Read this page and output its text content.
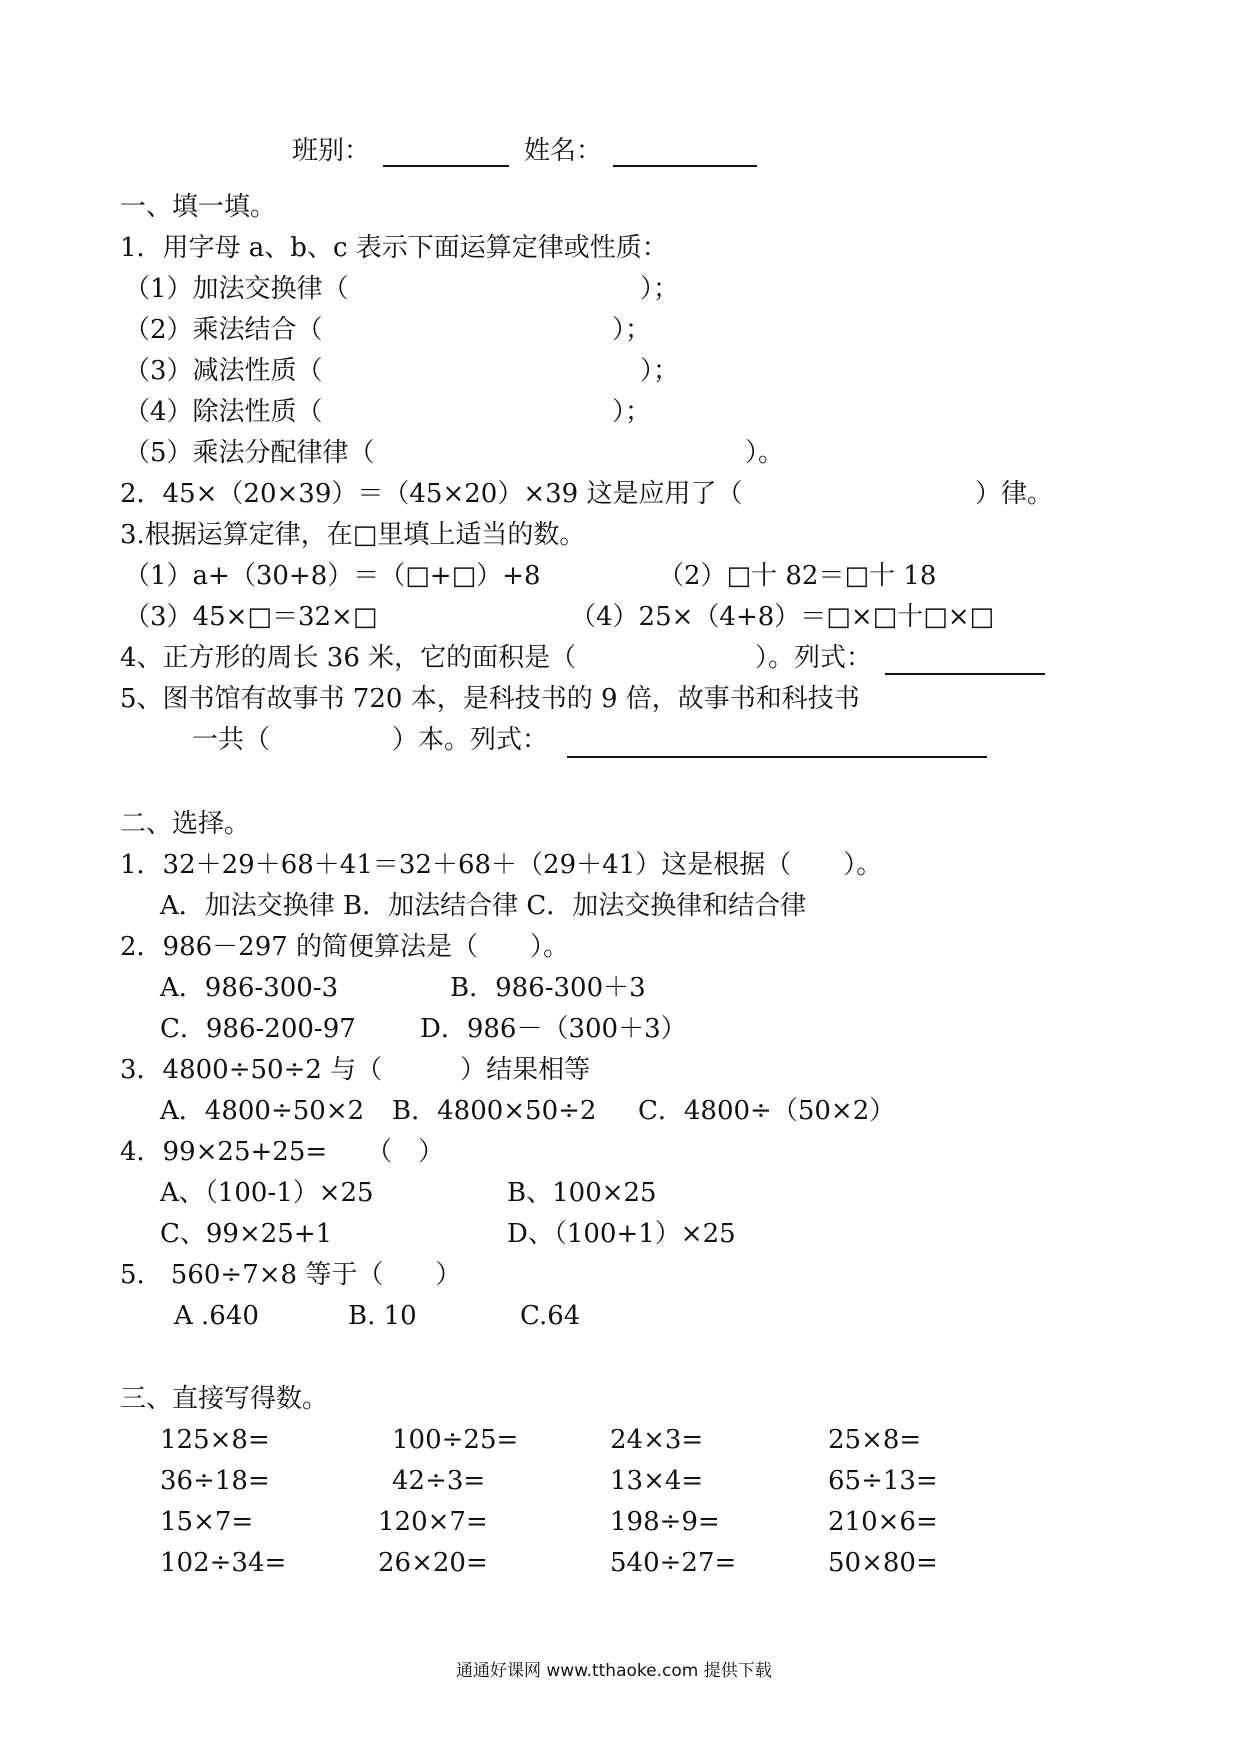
班别：	姓名：
一、填一填。
1．用字母 a、b、c 表示下面运算定律或性质：
（1）加法交换律（	）；
（2）乘法结合（	）；
（3）减法性质（	）；
（4）除法性质（	）；
（5）乘法分配律律（	）。
2．45×（20×39）＝（45×20）×39 这是应用了（	）律。
3.根据运算定律，在□里填上适当的数。
（1）a+（30+8）＝（□+□）+8	（2）□十 82＝□十 18
（3）45×□＝32×□	（4）25×（4+8）＝□×□十□×□
4、正方形的周长 36 米，它的面积是（	）。列式：
5、图书馆有故事书 720 本，是科技书的 9 倍，故事书和科技书
一共（	）本。列式：
二、选择。
1．32＋29＋68＋41＝32＋68＋（29＋41）这是根据（　　）。
A．加法交换律 B．加法结合律 C．加法交换律和结合律
2．986－297 的简便算法是（　　）。
A．986-300-3	B．986-300＋3
C．986-200-97 D．986－（300＋3）
3．4800÷50÷2 与（　　　）结果相等
A．4800÷50×2 B．4800×50÷2 C．4800÷（50×2）
4．99×25+25=　　（　）
A、（100-1）×25	B、100×25
C、99×25+1	D、（100+1）×25
5.　560÷7×8 等于（　　）
A .640	B. 10	C.64
三、直接写得数。
125×8=	100÷25=	24×3=	25×8=
36÷18=	42÷3=	13×4=	65÷13=
15×7=	120×7=	198÷9=	210×6=
102÷34=	26×20=	540÷27=	50×80=
通通好课网 www.tthaoke.com 提供下载
